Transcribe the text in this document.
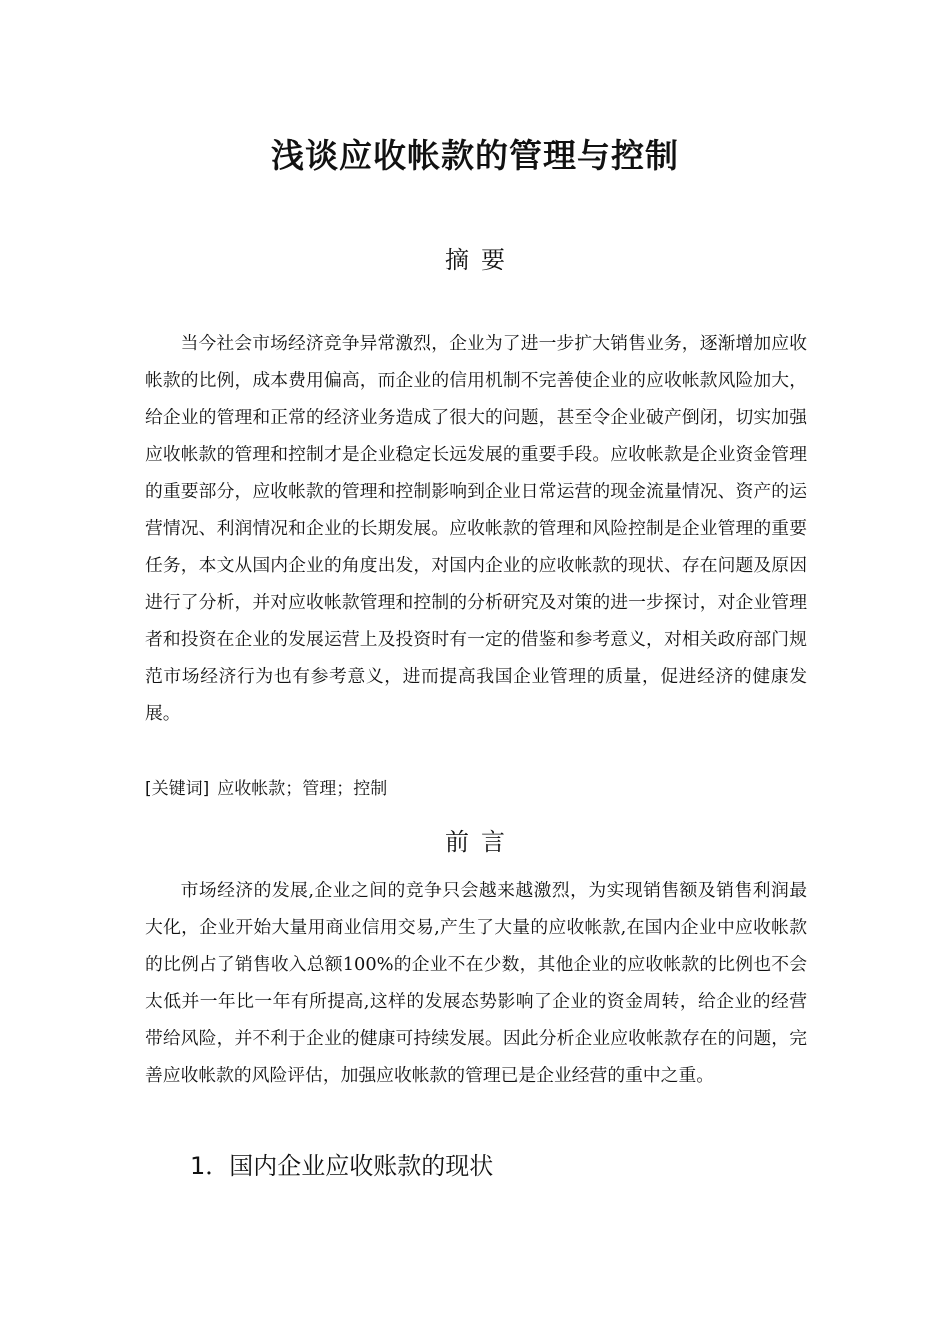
浅谈应收帐款的管理与控制
摘要

当今社会市场经济竞争异常激烈，企业为了进一步扩大销售业务，逐渐增加应收帐款的比例，成本费用偏高，而企业的信用机制不完善使企业的应收帐款风险加大，给企业的管理和正常的经济业务造成了很大的问题，甚至令企业破产倒闭，切实加强应收帐款的管理和控制才是企业稳定长远发展的重要手段。应收帐款是企业资金管理的重要部分，应收帐款的管理和控制影响到企业日常运营的现金流量情况、资产的运营情况、利润情况和企业的长期发展。应收帐款的管理和风险控制是企业管理的重要任务，本文从国内企业的角度出发，对国内企业的应收帐款的现状、存在问题及原因进行了分析，并对应收帐款管理和控制的分析研究及对策的进一步探讨，对企业管理者和投资在企业的发展运营上及投资时有一定的借鉴和参考意义，对相关政府部门规范市场经济行为也有参考意义，进而提高我国企业管理的质量，促进经济的健康发展。

[关键词] 应收帐款；管理；控制
前言

市场经济的发展,企业之间的竞争只会越来越激烈，为实现销售额及销售利润最大化，企业开始大量用商业信用交易,产生了大量的应收帐款,在国内企业中应收帐款的比例占了销售收入总额100%的企业不在少数，其他企业的应收帐款的比例也不会太低并一年比一年有所提高,这样的发展态势影响了企业的资金周转，给企业的经营带给风险，并不利于企业的健康可持续发展。因此分析企业应收帐款存在的问题，完善应收帐款的风险评估，加强应收帐款的管理已是企业经营的重中之重。

1．国内企业应收账款的现状
